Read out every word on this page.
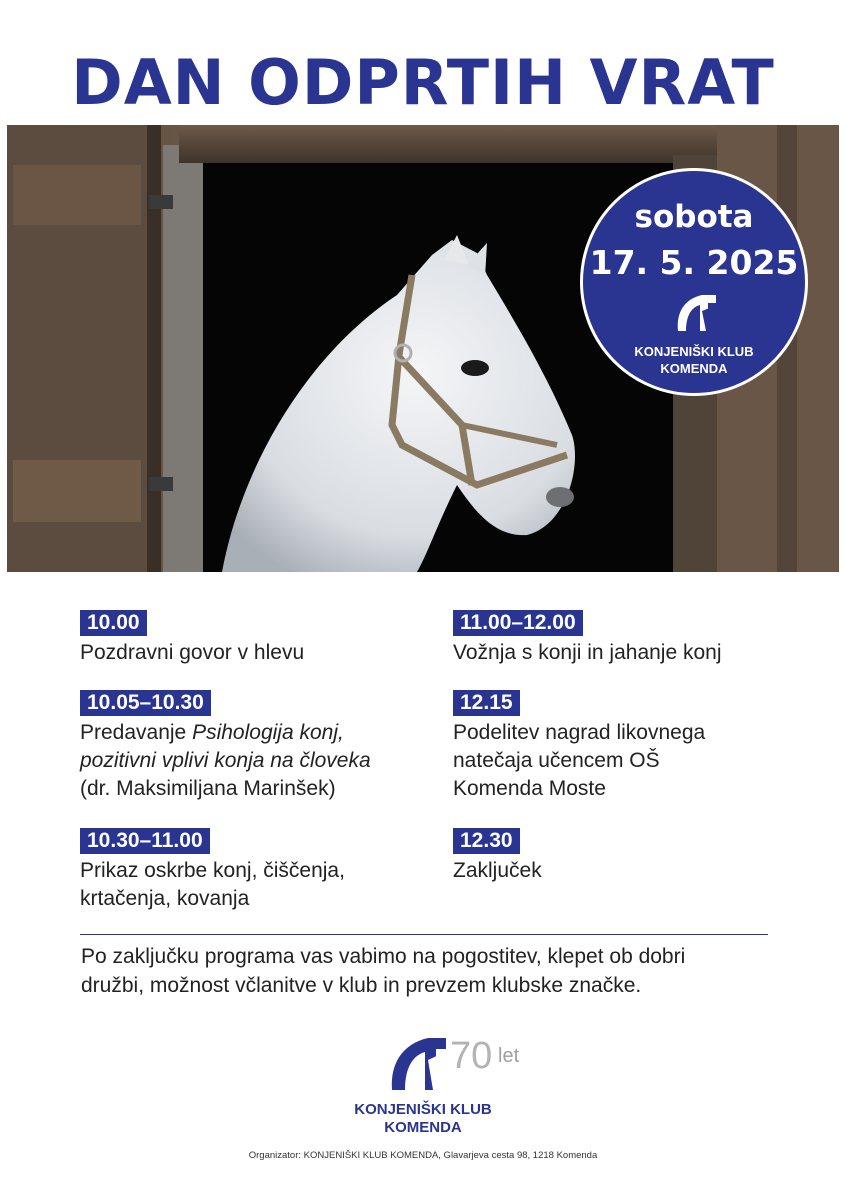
DAN ODPRTIH VRAT
sobota
17. 5. 2025
KONJENIŠKI KLUB
KOMENDA
10.00
Pozdravni govor v hlevu
10.05–10.30
Predavanje Psihologija konj,
pozitivni vplivi konja na človeka
(dr. Maksimiljana Marinšek)
10.30–11.00
Prikaz oskrbe konj, čiščenja,
krtačenja, kovanja
11.00–12.00
Vožnja s konji in jahanje konj
12.15
Podelitev nagrad likovnega
natečaja učencem OŠ
Komenda Moste
12.30
Zaključek
Po zaključku programa vas vabimo na pogostitev, klepet ob dobri
družbi, možnost včlanitve v klub in prevzem klubske značke.
70 let
KONJENIŠKI KLUB
KOMENDA
Organizator: KONJENIŠKI KLUB KOMENDA, Glavarjeva cesta 98, 1218 Komenda
